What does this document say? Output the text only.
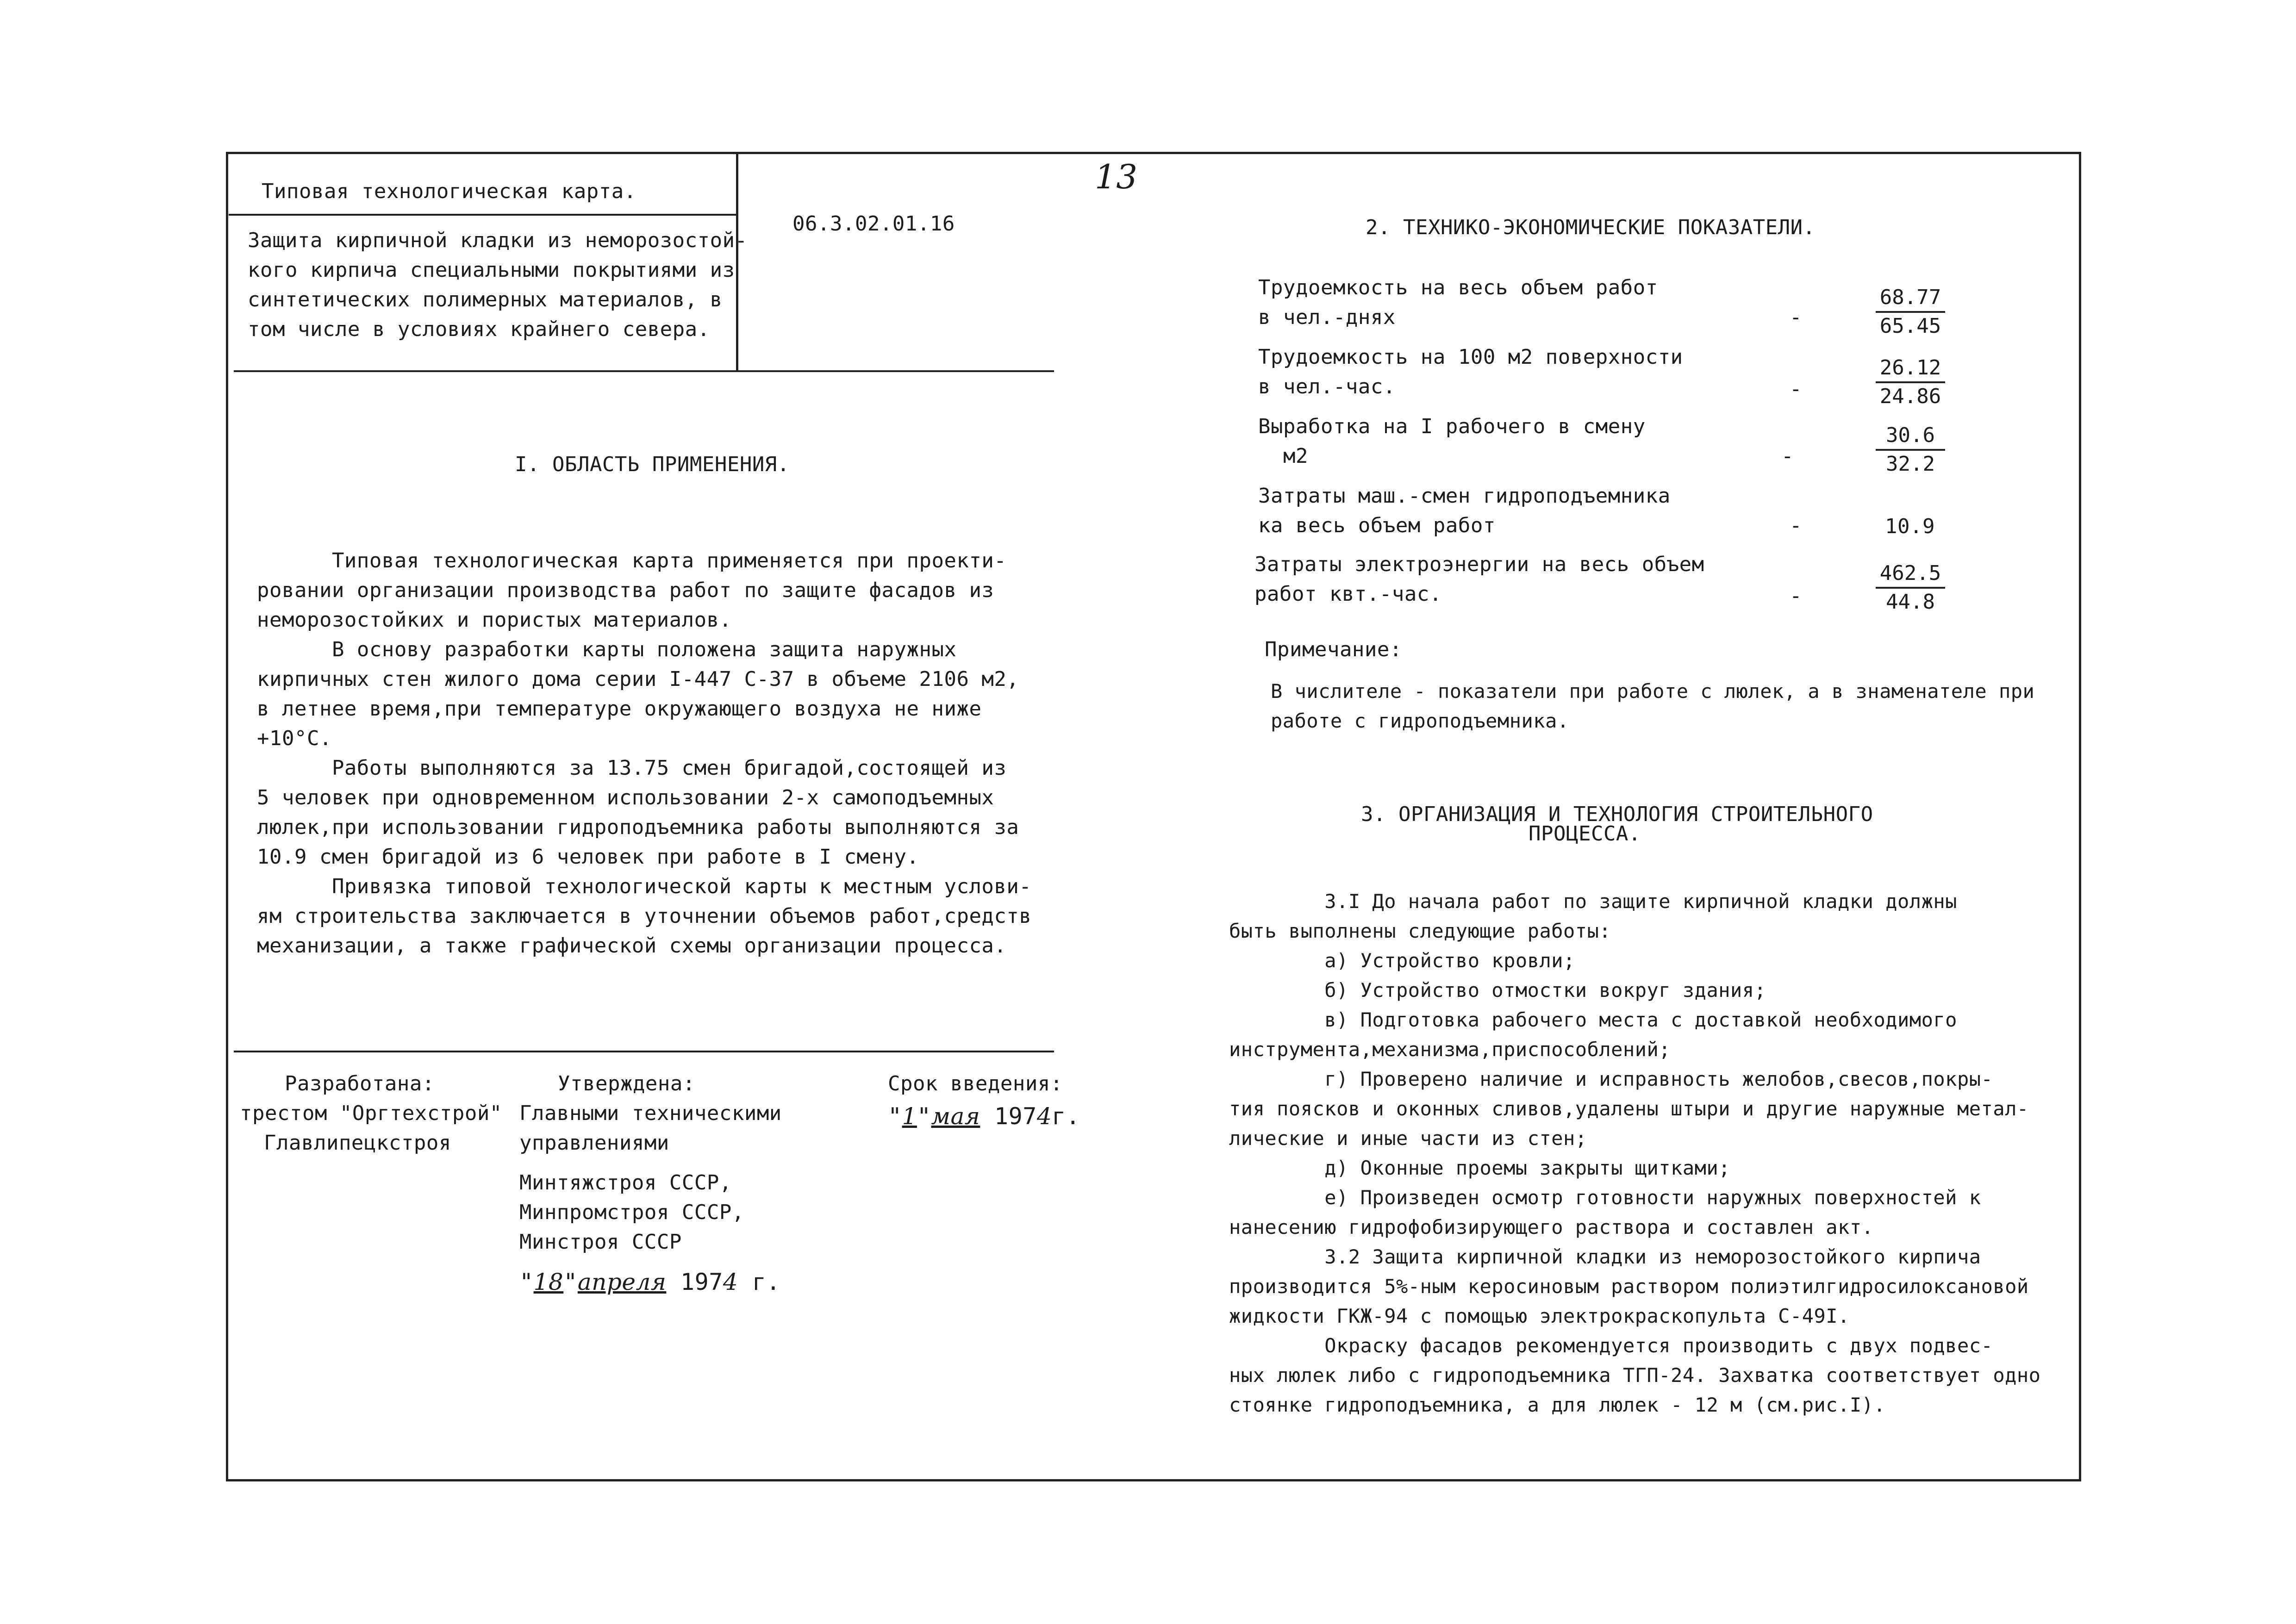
13
Типовая технологическая карта.
06.3.02.01.16
Защита кирпичной кладки из неморозостой-
кого кирпича специальными покрытиями из
синтетических полимерных материалов, в
том числе в условиях крайнего севера.
I. ОБЛАСТЬ ПРИМЕНЕНИЯ.
Типовая технологическая карта применяется при проекти-
ровании организации производства работ по защите фасадов из
неморозостойких и пористых материалов.
В основу разработки карты положена защита наружных
кирпичных стен жилого дома серии I-447 С-37 в объеме 2106 м2,
в летнее время,при температуре окружающего воздуха не ниже
+10°C.
Работы выполняются за 13.75 смен бригадой,состоящей из
5 человек при одновременном использовании 2-х самоподъемных
люлек,при использовании гидроподъемника работы выполняются за
10.9 смен бригадой из 6 человек при работе в I смену.
Привязка типовой технологической карты к местным услови-
ям строительства заключается в уточнении объемов работ,средств
механизации, а также графической схемы организации процесса.
Разработана:
трестом "Оргтехстрой"
Главлипецкстроя
Утверждена:
Главными техническими
управлениями
Минтяжстроя СССР,
Минпромстроя СССР,
Минстроя СССР
"18"апреля 1974 г.
Срок введения:
"1"мая 1974г.
2. ТЕХНИКО-ЭКОНОМИЧЕСКИЕ ПОКАЗАТЕЛИ.
Трудоемкость на весь объем работ
в чел.-днях	-	$\frac{68.77}{65.45}$
Трудоемкость на 100 м2 поверхности
в чел.-час.	-	$\frac{26.12}{24.86}$
Выработка на I рабочего в смену
м2	-	$\frac{30.6}{32.2}$
Затраты маш.-смен гидроподъемника
ка весь объем работ	-	10.9
Затраты электроэнергии на весь объем
работ квт.-час.	-	$\frac{462.5}{44.8}$
Примечание:
В числителе - показатели при работе с люлек, а в знаменателе при
работе с гидроподъемника.
3. ОРГАНИЗАЦИЯ И ТЕХНОЛОГИЯ СТРОИТЕЛЬНОГО
ПРОЦЕССА.
3.I До начала работ по защите кирпичной кладки должны
быть выполнены следующие работы:
а) Устройство кровли;
б) Устройство отмостки вокруг здания;
в) Подготовка рабочего места с доставкой необходимого
инструмента,механизма,приспособлений;
г) Проверено наличие и исправность желобов,свесов,покры-
тия поясков и оконных сливов,удалены штыри и другие наружные метал-
лические и иные части из стен;
д) Оконные проемы закрыты щитками;
е) Произведен осмотр готовности наружных поверхностей к
нанесению гидрофобизирующего раствора и составлен акт.
3.2 Защита кирпичной кладки из неморозостойкого кирпича
производится 5%-ным керосиновым раствором полиэтилгидросилоксановой
жидкости ГКЖ-94 с помощью электрокраскопульта С-49I.
Окраску фасадов рекомендуется производить с двух подвес-
ных люлек либо с гидроподъемника ТГП-24. Захватка соответствует одно
стоянке гидроподъемника, а для люлек - 12 м (см.рис.I).
